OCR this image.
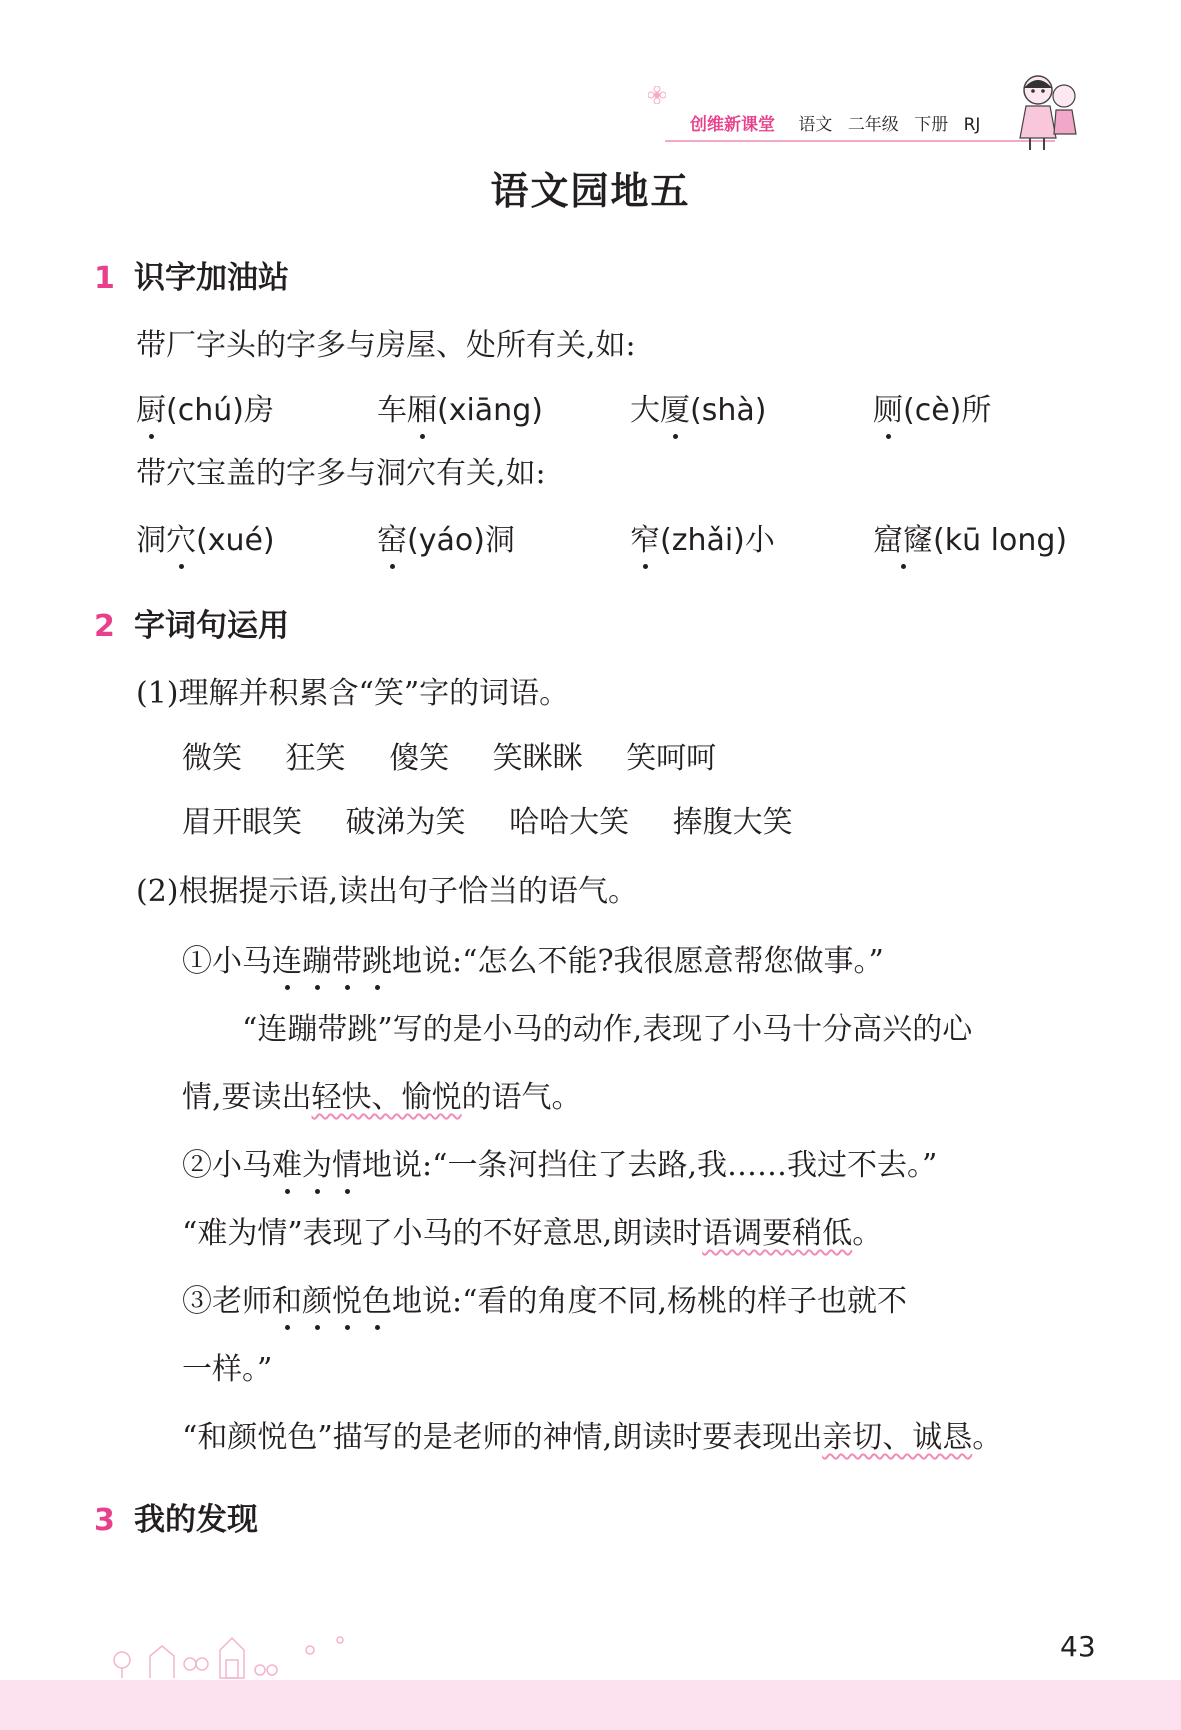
创维新课堂 语文 二年级 下册 RJ
语文园地五
1 识字加油站
带厂字头的字多与房屋、处所有关,如:
厨(chú)房	车厢(xiāng)	大厦(shà)	厕(cè)所
带穴宝盖的字多与洞穴有关,如:
洞穴(xué)	窑(yáo)洞	窄(zhǎi)小	窟窿(kū long)
2 字词句运用
(1)理解并积累含“笑”字的词语。
微笑 狂笑 傻笑 笑眯眯 笑呵呵
眉开眼笑 破涕为笑 哈哈大笑 捧腹大笑
(2)根据提示语,读出句子恰当的语气。
①小马连蹦带跳地说:“怎么不能?我很愿意帮您做事。”
“连蹦带跳”写的是小马的动作,表现了小马十分高兴的心
情,要读出轻快、愉悦的语气。
②小马难为情地说:“一条河挡住了去路,我……我过不去。”
“难为情”表现了小马的不好意思,朗读时语调要稍低。
③老师和颜悦色地说:“看的角度不同,杨桃的样子也就不
一样。”
“和颜悦色”描写的是老师的神情,朗读时要表现出亲切、诚恳。
3 我的发现
43
